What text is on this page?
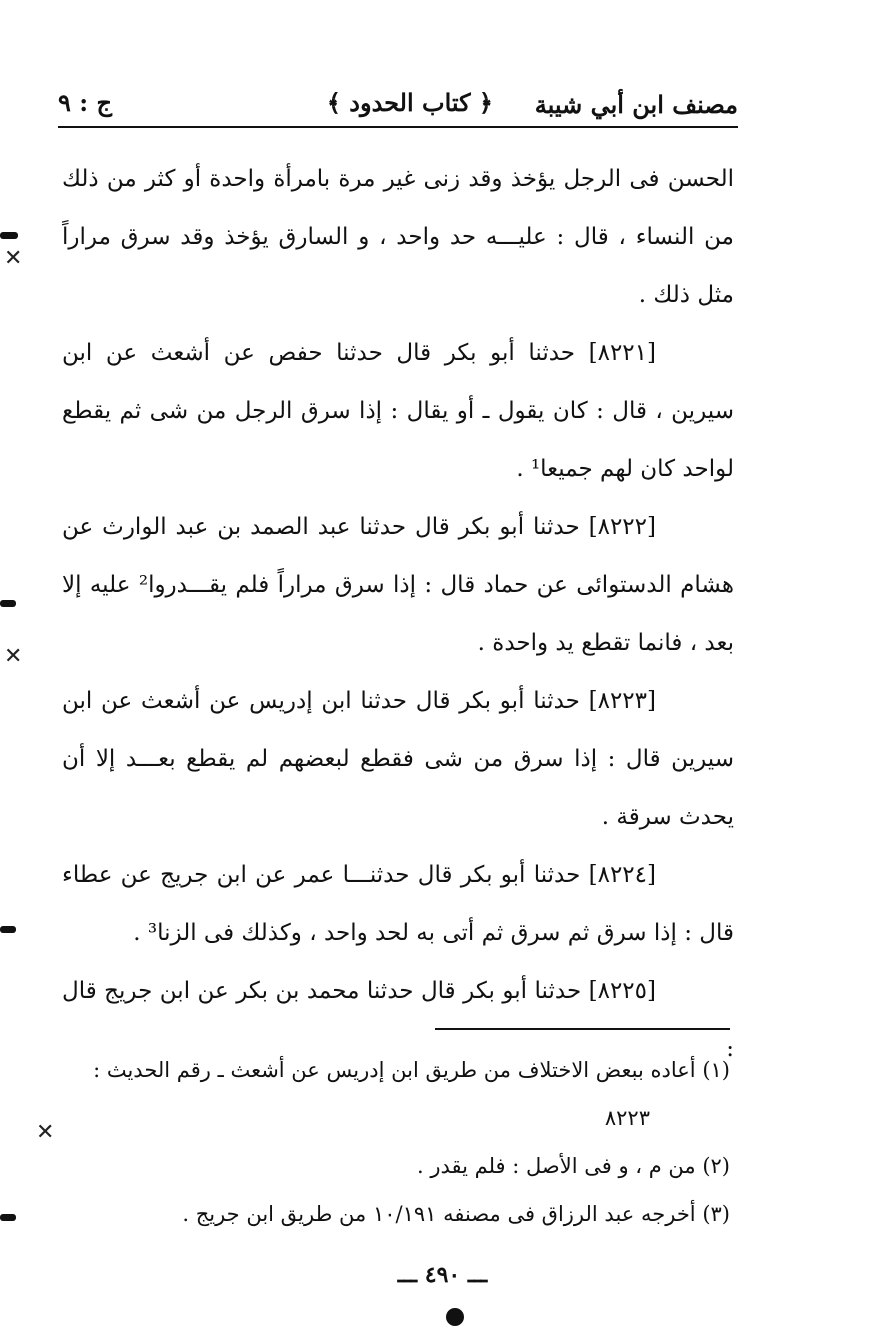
مصنف ابن أبي شيبة
﴿ كتاب الحدود ﴾
ج : ٩

الحسن فى الرجل يؤخذ وقد زنى غير مرة بامرأة واحدة أو كثر من ذلك من النساء ، قال : عليـــه حد واحد ، و السارق يؤخذ وقد سرق مراراً مثل ذلك .

[٨٢٢١] حدثنا أبو بكر قال حدثنا حفص عن أشعث عن ابن سيرين ، قال : كان يقول ـ أو يقال : إذا سرق الرجل من شى ثم يقطع لواحد كان لهم جميعا¹ .

[٨٢٢٢] حدثنا أبو بكر قال حدثنا عبد الصمد بن عبد الوارث عن هشام الدستوائى عن حماد قال : إذا سرق مراراً فلم يقـــدروا² عليه إلا بعد ، فانما تقطع يد واحدة .

[٨٢٢٣] حدثنا أبو بكر قال حدثنا ابن إدريس عن أشعث عن ابن سيرين قال : إذا سرق من شى فقطع لبعضهم لم يقطع بعـــد إلا أن يحدث سرقة .

[٨٢٢٤] حدثنا أبو بكر قال حدثنـــا عمر عن ابن جريج عن عطاء قال : إذا سرق ثم سرق ثم أتى به لحد واحد ، وكذلك فى الزنا³ .

[٨٢٢٥] حدثنا أبو بكر قال حدثنا محمد بن بكر عن ابن جريج قال :

(١) أعاده ببعض الاختلاف من طريق ابن إدريس عن أشعث ـ رقم الحديث :

٨٢٢٣

(٢) من م ، و فى الأصل : فلم يقدر .

(٣) أخرجه عبد الرزاق فى مصنفه ١٠/١٩١ من طريق ابن جريج .

ـــ ٤٩٠ ـــ
✕
✕
✕
